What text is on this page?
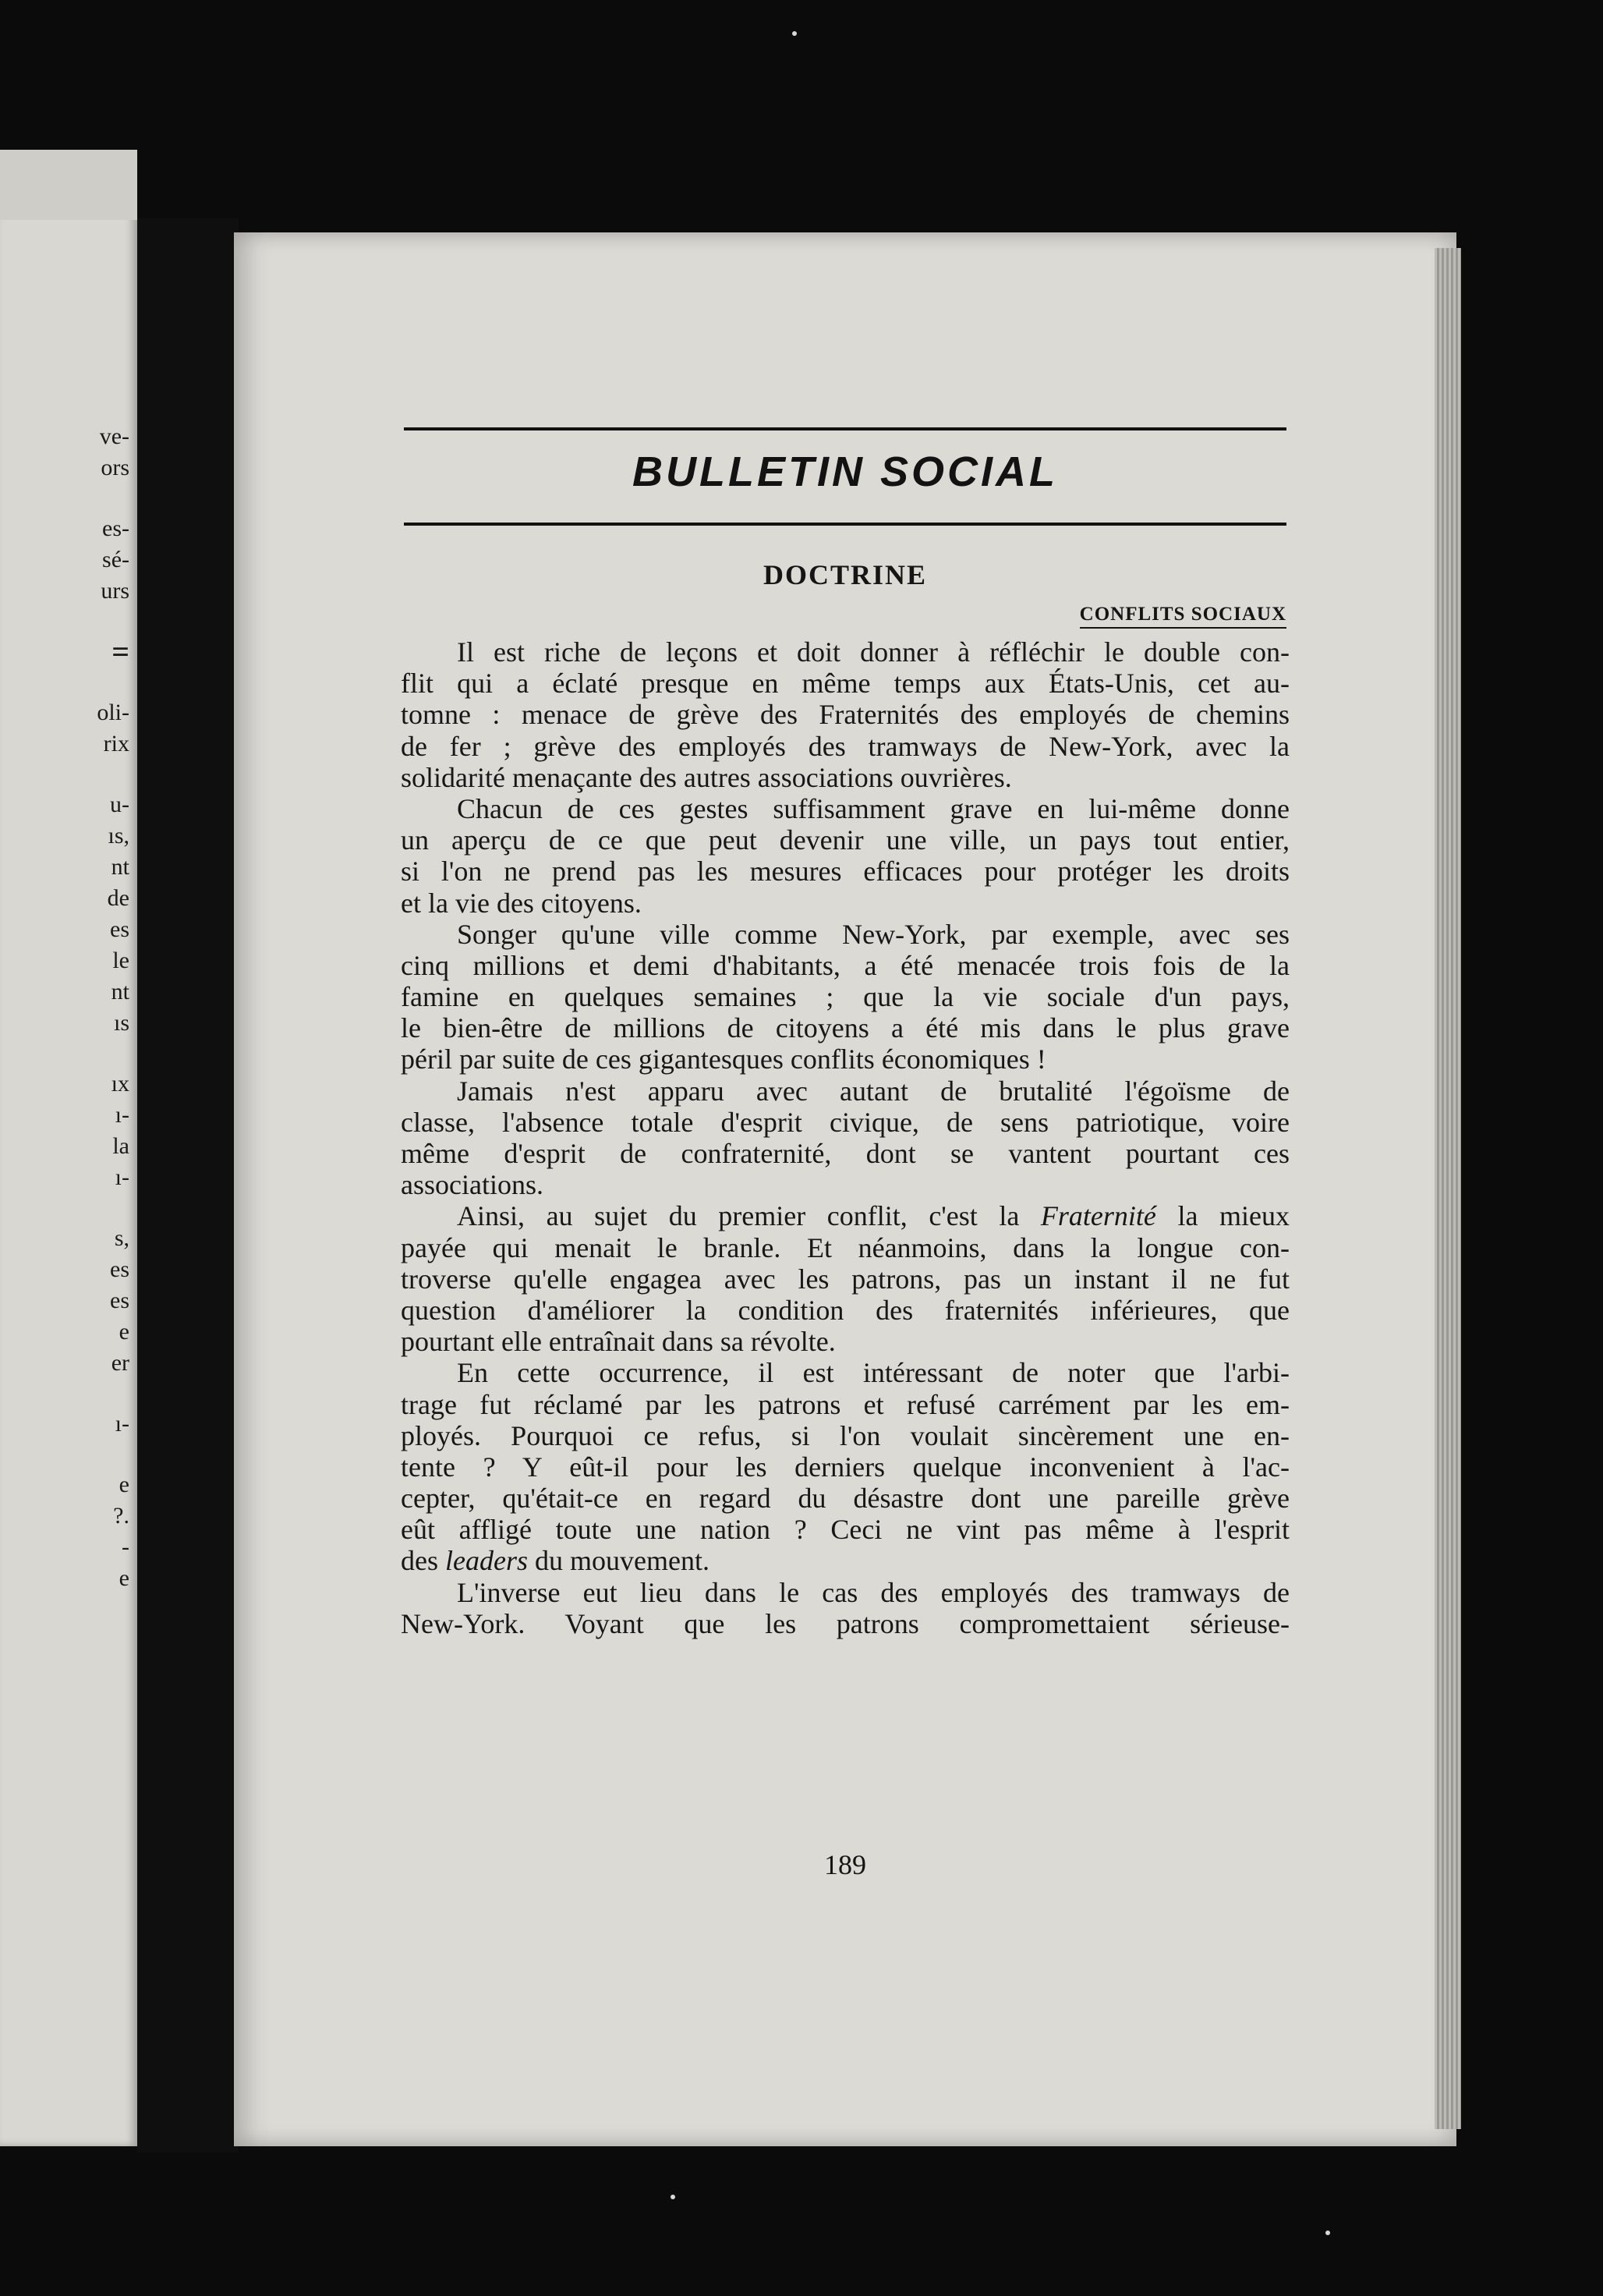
ve-
ors
es-
sé-
urs
=
oli-
rix
u-
ıs,
nt
de
es
le
nt
ıs
ıx
ı-
la
ı-
s,
es
es
e
er
ı-
e
?.
-
e
BULLETIN SOCIAL
DOCTRINE
CONFLITS SOCIAUX
Il est riche de leçons et doit donner à réfléchir le double con-
flit qui a éclaté presque en même temps aux États-Unis, cet au-
tomne : menace de grève des Fraternités des employés de chemins
de fer ; grève des employés des tramways de New-York, avec la
solidarité menaçante des autres associations ouvrières.
Chacun de ces gestes suffisamment grave en lui-même donne
un aperçu de ce que peut devenir une ville, un pays tout entier,
si l'on ne prend pas les mesures efficaces pour protéger les droits
et la vie des citoyens.
Songer qu'une ville comme New-York, par exemple, avec ses
cinq millions et demi d'habitants, a été menacée trois fois de la
famine en quelques semaines ; que la vie sociale d'un pays,
le bien-être de millions de citoyens a été mis dans le plus grave
péril par suite de ces gigantesques conflits économiques !
Jamais n'est apparu avec autant de brutalité l'égoïsme de
classe, l'absence totale d'esprit civique, de sens patriotique, voire
même d'esprit de confraternité, dont se vantent pourtant ces
associations.
Ainsi, au sujet du premier conflit, c'est la Fraternité la mieux
payée qui menait le branle. Et néanmoins, dans la longue con-
troverse qu'elle engagea avec les patrons, pas un instant il ne fut
question d'améliorer la condition des fraternités inférieures, que
pourtant elle entraînait dans sa révolte.
En cette occurrence, il est intéressant de noter que l'arbi-
trage fut réclamé par les patrons et refusé carrément par les em-
ployés. Pourquoi ce refus, si l'on voulait sincèrement une en-
tente ? Y eût-il pour les derniers quelque inconvenient à l'ac-
cepter, qu'était-ce en regard du désastre dont une pareille grève
eût affligé toute une nation ? Ceci ne vint pas même à l'esprit
des leaders du mouvement.
L'inverse eut lieu dans le cas des employés des tramways de
New-York. Voyant que les patrons compromettaient sérieuse-
189
